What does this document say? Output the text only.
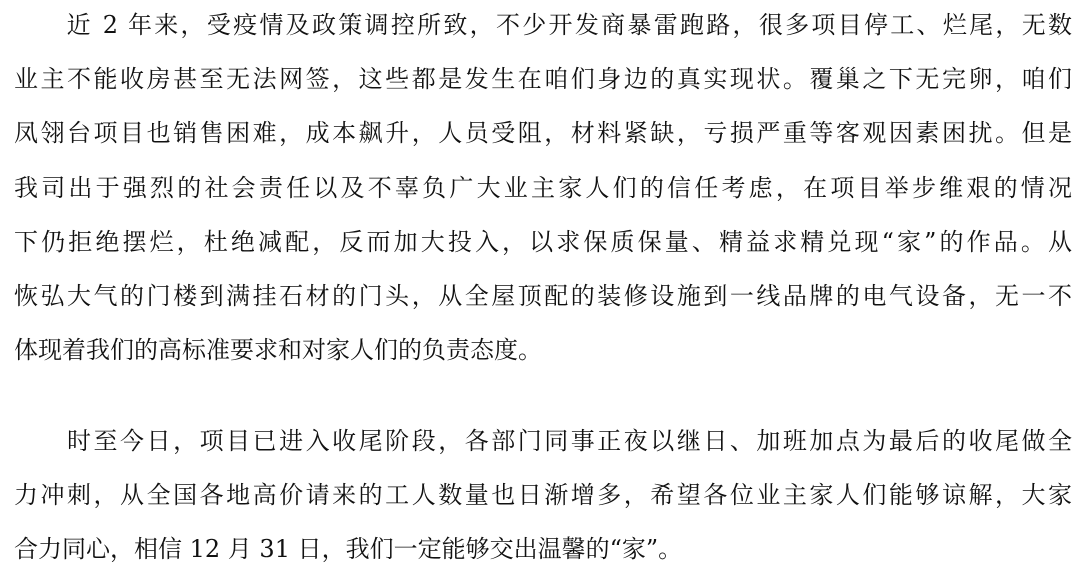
　　近 2 年来，受疫情及政策调控所致，不少开发商暴雷跑路，很多项目停工、烂尾，无数
业主不能收房甚至无法网签，这些都是发生在咱们身边的真实现状。覆巢之下无完卵，咱们
凤翎台项目也销售困难，成本飙升，人员受阻，材料紧缺，亏损严重等客观因素困扰。但是
我司出于强烈的社会责任以及不辜负广大业主家人们的信任考虑，在项目举步维艰的情况
下仍拒绝摆烂，杜绝减配，反而加大投入，以求保质保量、精益求精兑现“家”的作品。从
恢弘大气的门楼到满挂石材的门头，从全屋顶配的装修设施到一线品牌的电气设备，无一不
体现着我们的高标准要求和对家人们的负责态度。
　　时至今日，项目已进入收尾阶段，各部门同事正夜以继日、加班加点为最后的收尾做全
力冲刺，从全国各地高价请来的工人数量也日渐增多，希望各位业主家人们能够谅解，大家
合力同心，相信 12 月 31 日，我们一定能够交出温馨的“家”。
